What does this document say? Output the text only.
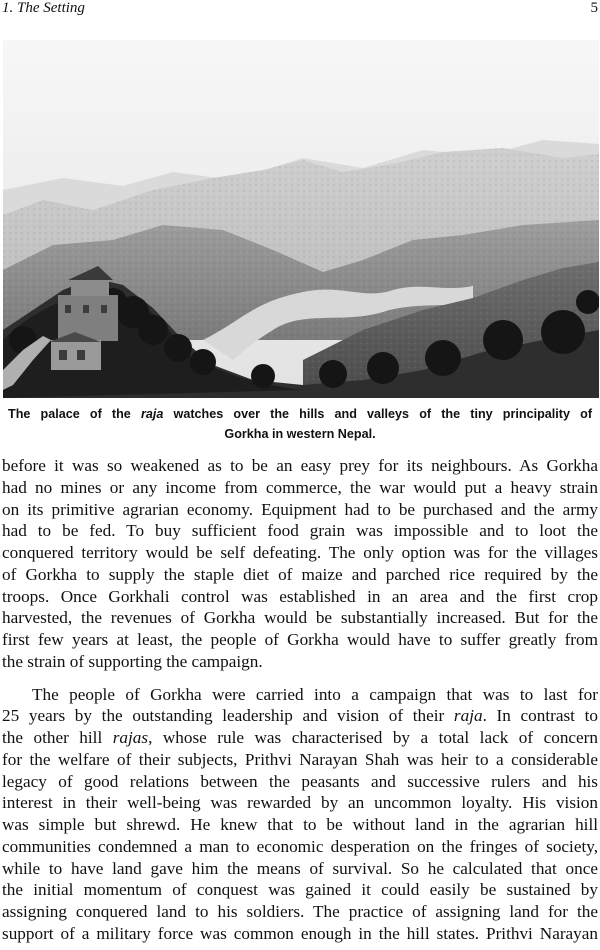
1. The Setting	5
The palace of the raja watches over the hills and valleys of the tiny principality of
Gorkha in western Nepal.
before it was so weakened as to be an easy prey for its neighbours. As Gorkha
had no mines or any income from commerce, the war would put a heavy strain
on its primitive agrarian economy. Equipment had to be purchased and the army
had to be fed. To buy sufficient food grain was impossible and to loot the
conquered territory would be self defeating. The only option was for the villages
of Gorkha to supply the staple diet of maize and parched rice required by the
troops. Once Gorkhali control was established in an area and the first crop
harvested, the revenues of Gorkha would be substantially increased. But for the
first few years at least, the people of Gorkha would have to suffer greatly from
the strain of supporting the campaign.
The people of Gorkha were carried into a campaign that was to last for
25 years by the outstanding leadership and vision of their raja. In contrast to
the other hill rajas, whose rule was characterised by a total lack of concern
for the welfare of their subjects, Prithvi Narayan Shah was heir to a considerable
legacy of good relations between the peasants and successive rulers and his
interest in their well-being was rewarded by an uncommon loyalty. His vision
was simple but shrewd. He knew that to be without land in the agrarian hill
communities condemned a man to economic desperation on the fringes of society,
while to have land gave him the means of survival. So he calculated that once
the initial momentum of conquest was gained it could easily be sustained by
assigning conquered land to his soldiers. The practice of assigning land for the
support of a military force was common enough in the hill states. Prithvi Narayan
